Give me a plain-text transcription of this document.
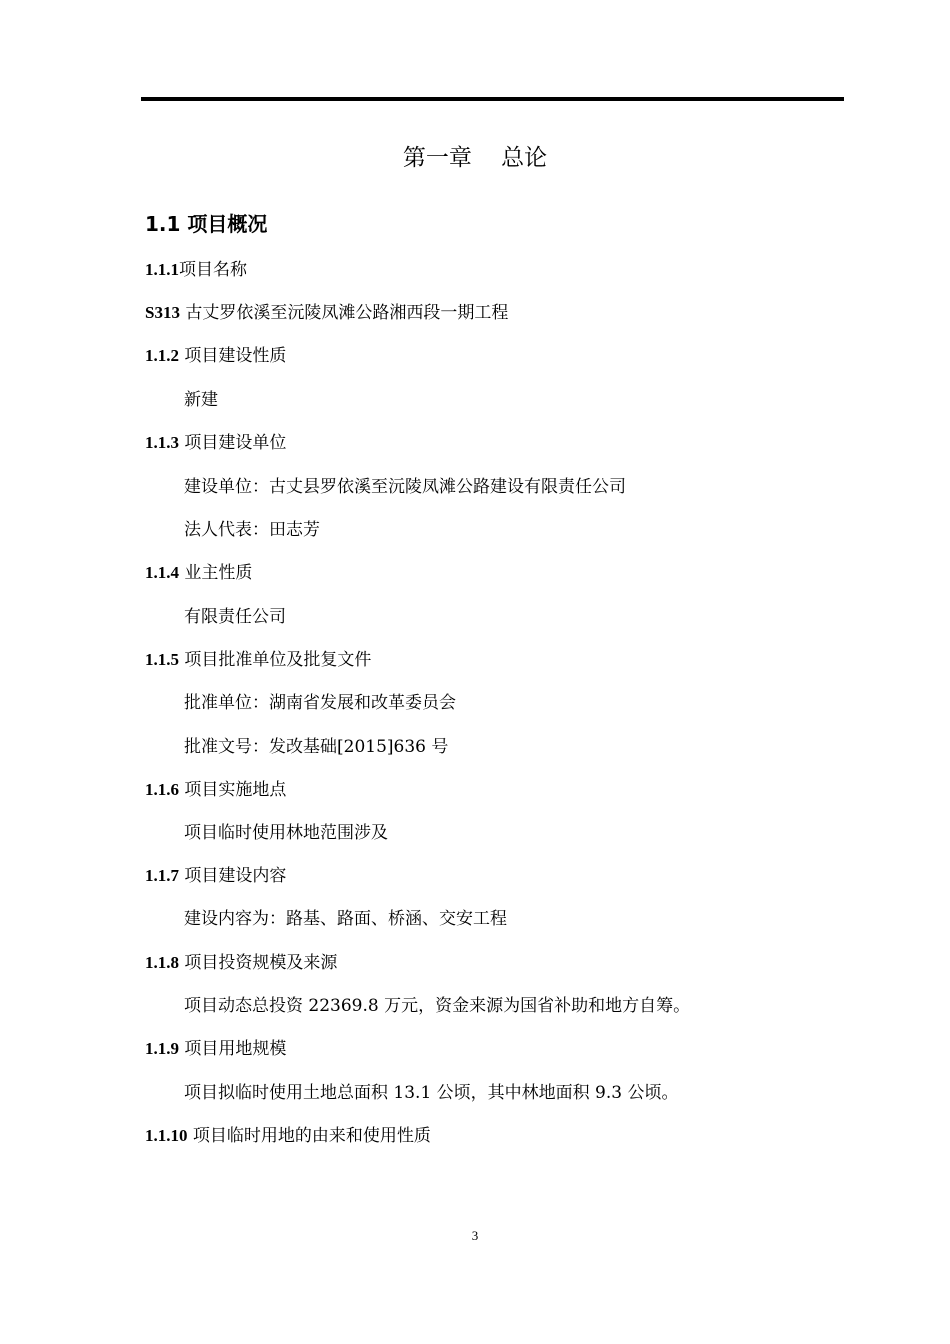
第一章    总论
1.1 项目概况
1.1.1项目名称
S313 古丈罗依溪至沅陵凤滩公路湘西段一期工程
1.1.2 项目建设性质
新建
1.1.3 项目建设单位
建设单位：古丈县罗依溪至沅陵凤滩公路建设有限责任公司
法人代表：田志芳
1.1.4 业主性质
有限责任公司
1.1.5 项目批准单位及批复文件
批准单位：湖南省发展和改革委员会
批准文号：发改基础[2015]636 号
1.1.6 项目实施地点
项目临时使用林地范围涉及
1.1.7 项目建设内容
建设内容为：路基、路面、桥涵、交安工程
1.1.8 项目投资规模及来源
项目动态总投资 22369.8 万元，资金来源为国省补助和地方自筹。
1.1.9 项目用地规模
项目拟临时使用土地总面积 13.1 公顷，其中林地面积 9.3 公顷。
1.1.10 项目临时用地的由来和使用性质
3
